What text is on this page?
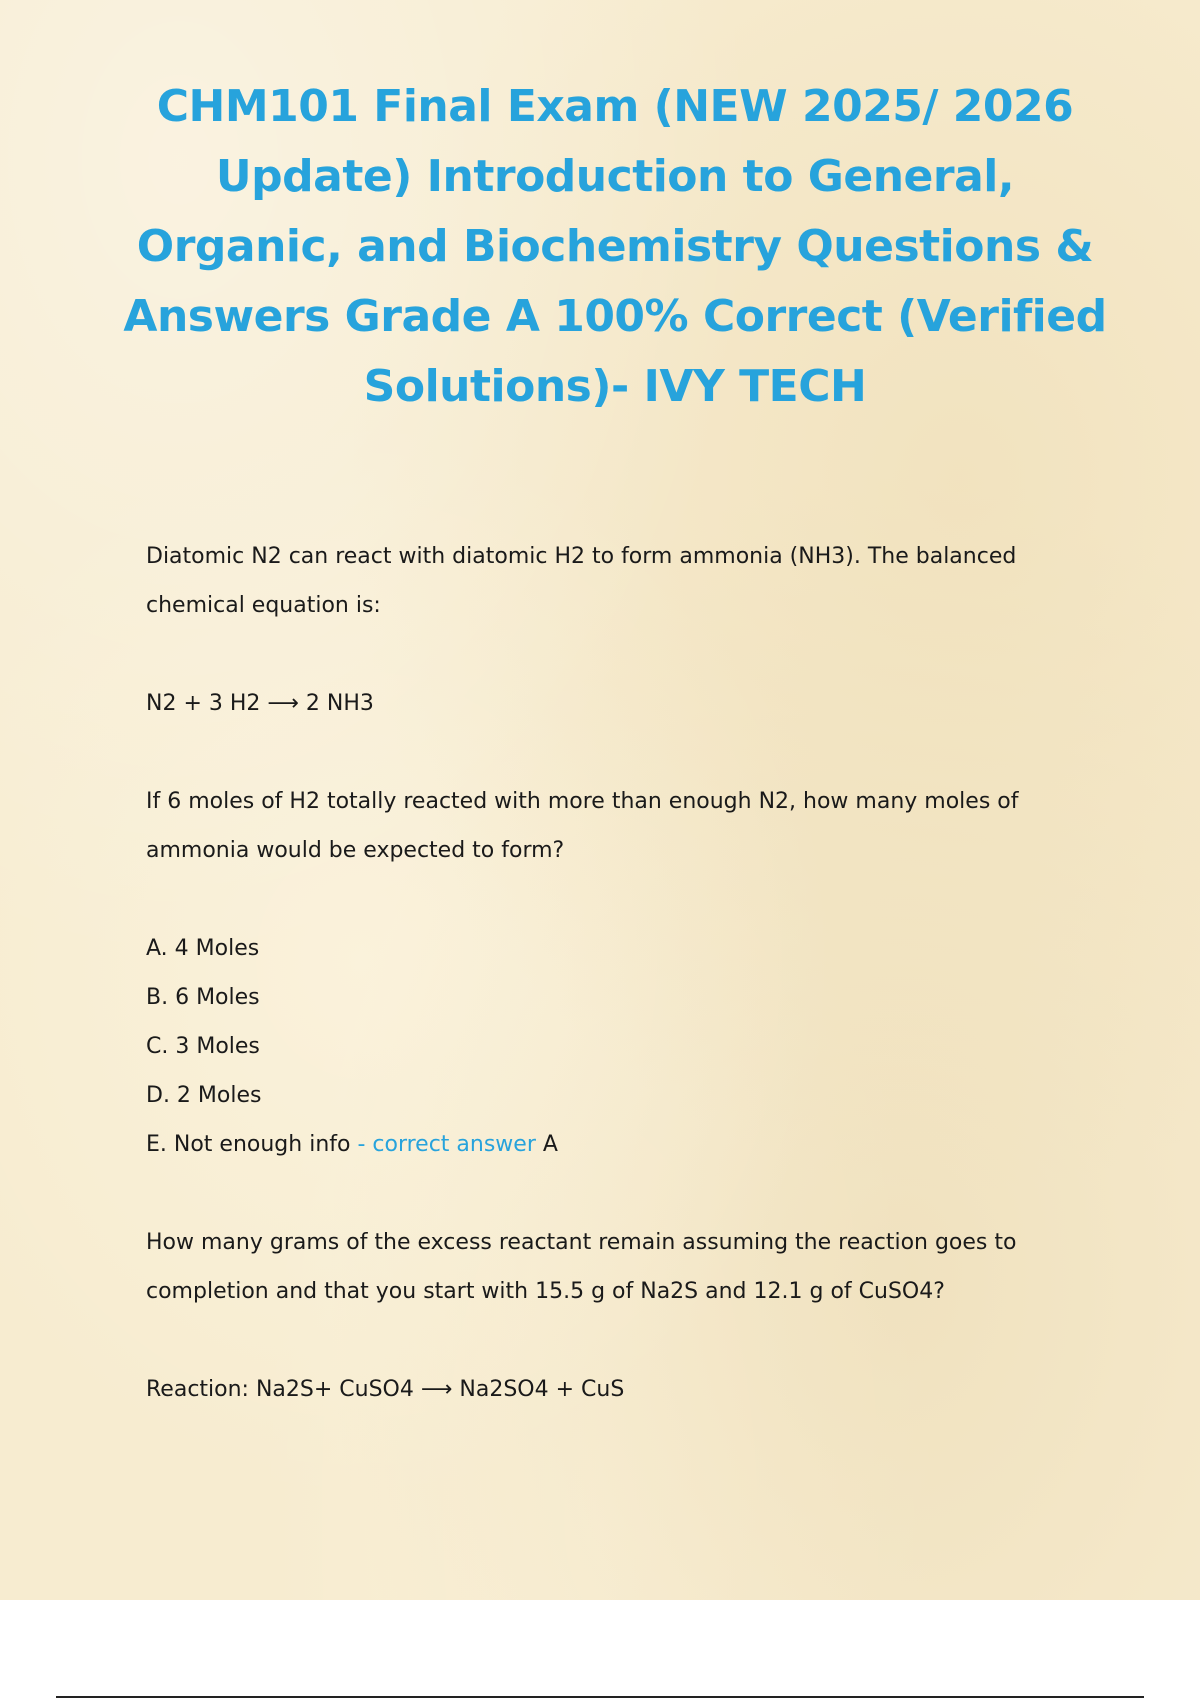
CHM101 Final Exam (NEW 2025/ 2026 Update) Introduction to General, Organic, and Biochemistry Questions & Answers Grade A 100% Correct (Verified Solutions)- IVY TECH

Diatomic N2 can react with diatomic H2 to form ammonia (NH3). The balanced chemical equation is:

N2 + 3 H2 ⟶ 2 NH3

If 6 moles of H2 totally reacted with more than enough N2, how many moles of ammonia would be expected to form?

A. 4 Moles

B. 6 Moles

C. 3 Moles

D. 2 Moles

E. Not enough info - correct answer A

How many grams of the excess reactant remain assuming the reaction goes to completion and that you start with 15.5 g of Na2S and 12.1 g of CuSO4?

Reaction: Na2S+ CuSO4 ⟶ Na2SO4 + CuS
